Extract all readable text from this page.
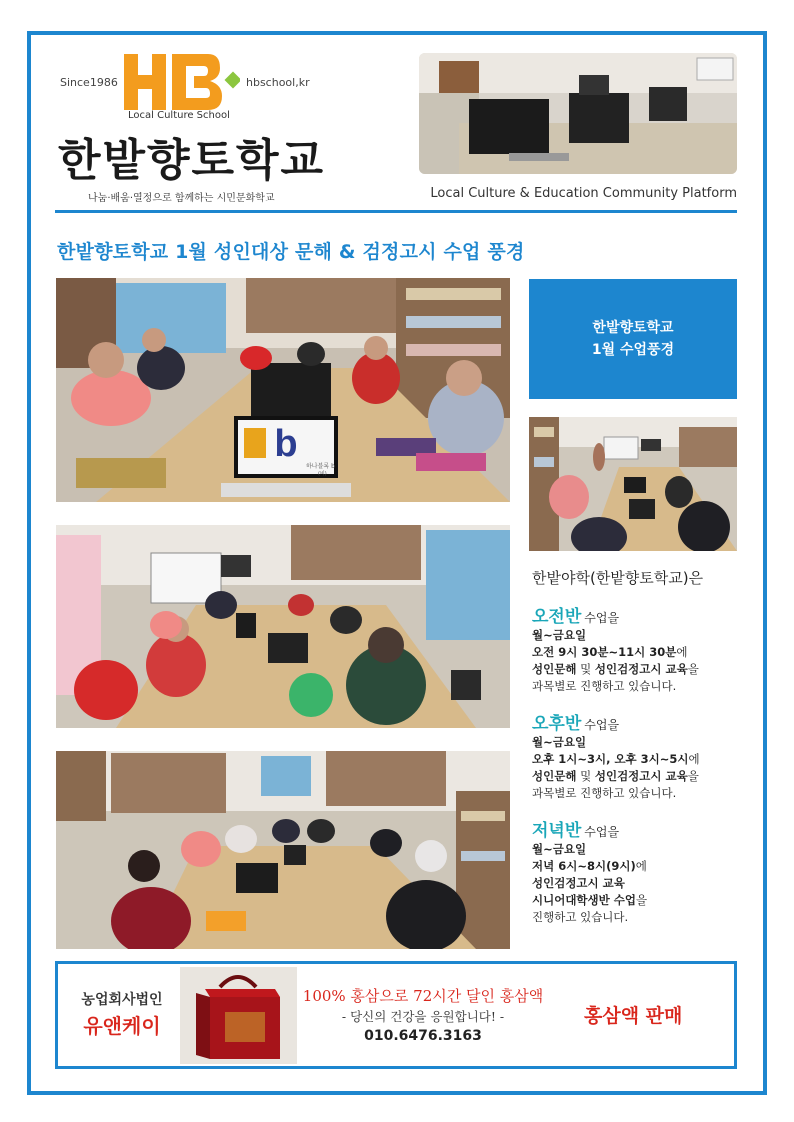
Since1986	hbschool,kr
Local Culture School
한밭향토학교
나눔·배움·열정으로 함께하는 시민문화학교	Local Culture & Education Community Platform
한밭향토학교 1월 성인대상 문해 & 검정고시 수업 풍경
b
하나블록 b
(비)
한밭향토학교
1월 수업풍경
한밭야학(한밭향토학교)은
오전반 수업을
월~금요일
오전 9시 30분~11시 30분에
성인문해 및 성인검정고시 교육을
과목별로 진행하고 있습니다.
오후반 수업을
월~금요일
오후 1시~3시, 오후 3시~5시에
성인문해 및 성인검정고시 교육을
과목별로 진행하고 있습니다.
저녁반 수업을
월~금요일
저녁 6시~8시(9시)에
성인검정고시 교육
시니어대학생반 수업을
진행하고 있습니다.
농업회사법인
유앤케이
100% 홍삼으로 72시간 달인 홍삼액
- 당신의 건강을 응원합니다! -
010.6476.3163
홍삼액 판매
